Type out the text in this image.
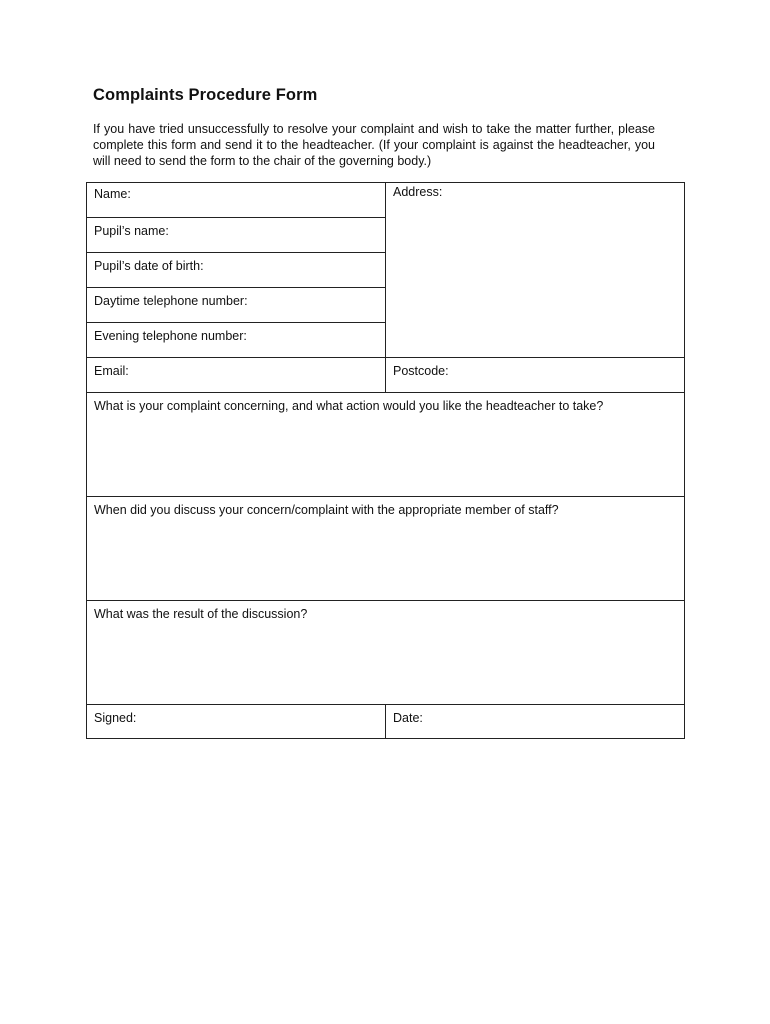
Complaints Procedure Form

If you have tried unsuccessfully to resolve your complaint and wish to take the matter further, please complete this form and send it to the headteacher. (If your complaint is against the headteacher, you will need to send the form to the chair of the governing body.)

Name:	Address:
Pupil’s name:	
Pupil’s date of birth:	
Daytime telephone number:	
Evening telephone number:	
Email:	Postcode:
What is your complaint concerning, and what action would you like the headteacher to take?	
When did you discuss your concern/complaint with the appropriate member of staff?	
What was the result of the discussion?	
Signed:	Date:
